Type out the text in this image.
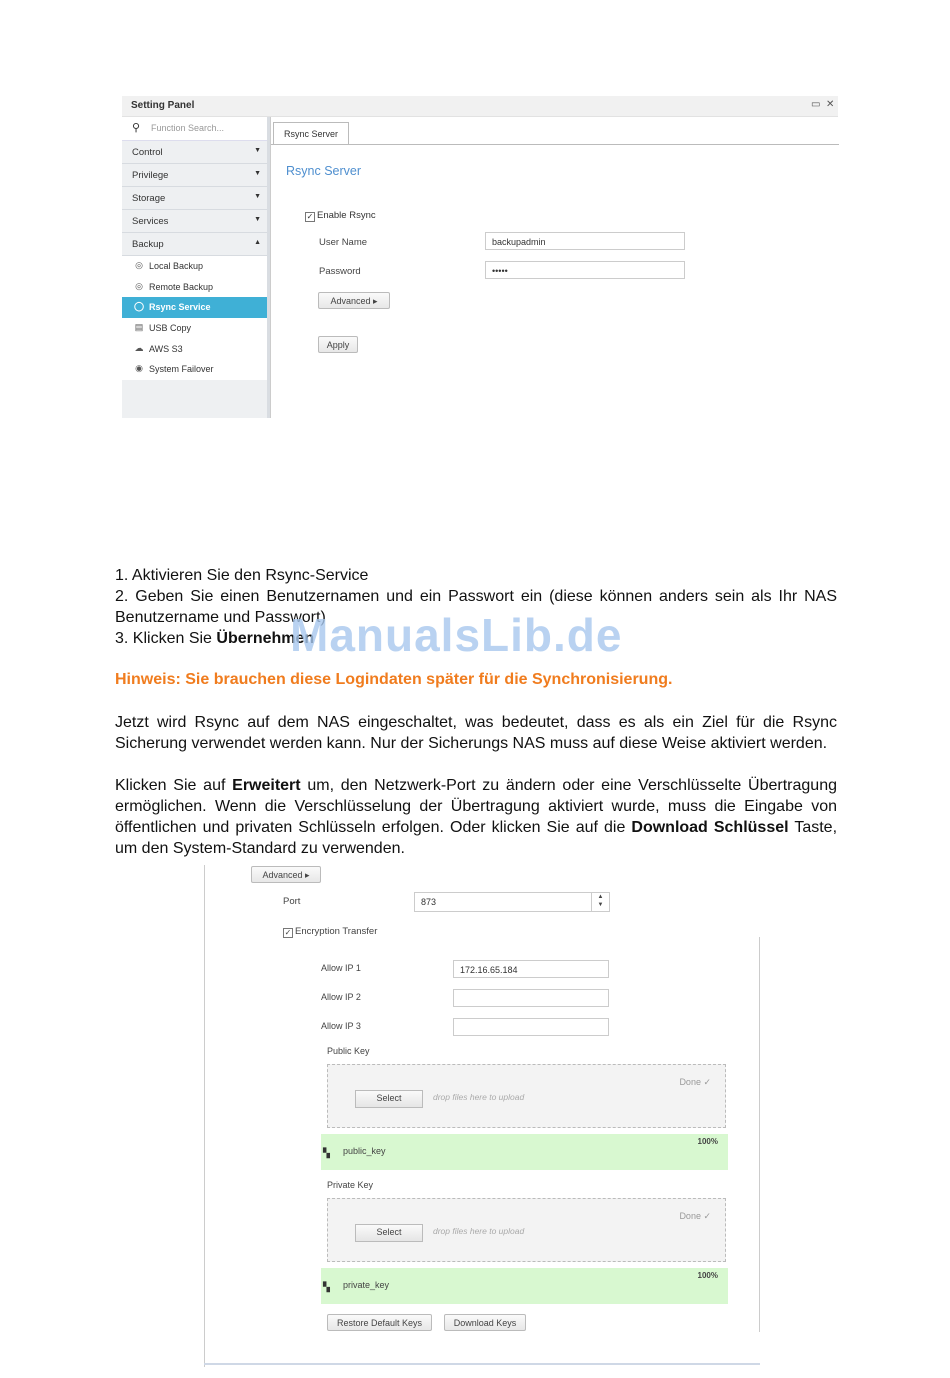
Setting Panel	▭ ✕
⚲ Function Search...
Control	▼
Privilege	▼
Storage	▼
Services	▼
Backup	▲
◎ Local Backup
◎ Remote Backup
◯ Rsync Service
▤ USB Copy
☁ AWS S3
◉ System Failover
Rsync Server
Rsync Server
✓ Enable Rsync
User Name	backupadmin
Password	•••••
Advanced ▸
Apply
1. Aktivieren Sie den Rsync-Service
2. Geben Sie einen Benutzernamen und ein Passwort ein (diese können anders sein als Ihr NAS Benutzername und Passwort)
3. Klicken Sie Übernehmen
ManualsLib.de
Hinweis: Sie brauchen diese Logindaten später für die Synchronisierung.
Jetzt wird Rsync auf dem NAS eingeschaltet, was bedeutet, dass es als ein Ziel für die Rsync Sicherung verwendet werden kann. Nur der Sicherungs NAS muss auf diese Weise aktiviert werden.
Klicken Sie auf Erweitert um, den Netzwerk-Port zu ändern oder eine Verschlüsselte Übertragung ermöglichen. Wenn die Verschlüsselung der Übertragung aktiviert wurde, muss die Eingabe von öffentlichen und privaten Schlüsseln erfolgen. Oder klicken Sie auf die Download Schlüssel Taste, um den System-Standard zu verwenden.
Advanced ▸
Port	873	▲
▼
✓ Encryption Transfer
Allow IP 1	172.16.65.184
Allow IP 2
Allow IP 3
Public Key
Done ✓
Select	drop files here to upload
▚ public_key
100%
Private Key
Done ✓
Select	drop files here to upload
▚ private_key
100%
Restore Default Keys	Download Keys
